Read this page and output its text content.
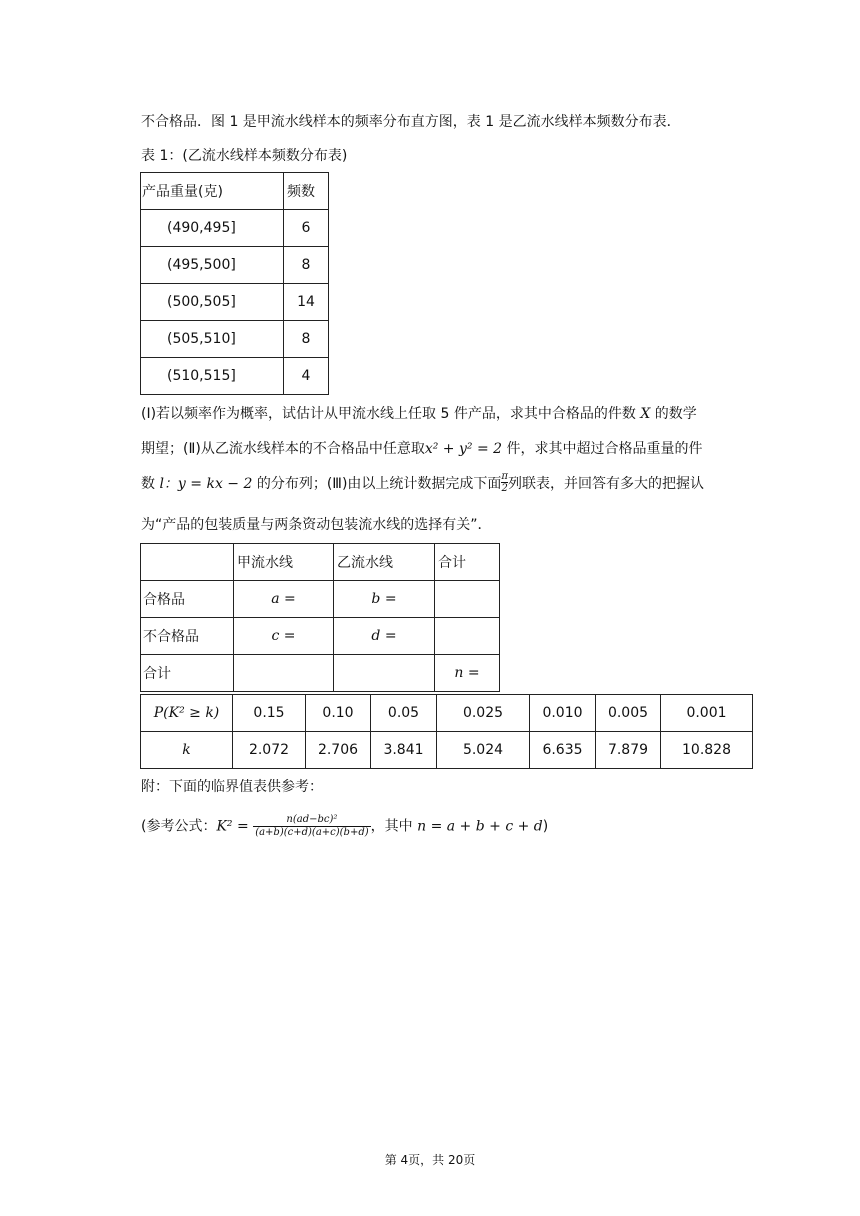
不合格品．图 1 是甲流水线样本的频率分布直方图，表 1 是乙流水线样本频数分布表．
表 1：(乙流水线样本频数分布表)
产品重量(克)	频数
(490,495]	6
(495,500]	8
(500,505]	14
(505,510]	8
(510,515]	4
(Ⅰ)若以频率作为概率，试估计从甲流水线上任取 5 件产品，求其中合格品的件数 X 的数学
期望；(Ⅱ)从乙流水线样本的不合格品中任意取x² + y² = 2 件，求其中超过合格品重量的件
数 l：y = kx − 2 的分布列；(Ⅲ)由以上统计数据完成下面 $\frac{\pi}{2}$ 列联表，并回答有多大的把握认
为“产品的包装质量与两条资动包装流水线的选择有关”．
	甲流水线	乙流水线	合计
合格品	a =	b =	
不合格品	c =	d =	
合计			n =
P(K² ≥ k)	0.15	0.10	0.05	0.025	0.010	0.005	0.001
k	2.072	2.706	3.841	5.024	6.635	7.879	10.828
附：下面的临界值表供参考：
(参考公式：$K^2 = \frac{\text{n(ad−bc)²}}{(a+b)(c+d)(a+c)(b+d)}$ ，其中 n = a + b + c + d)
第 4页，共 20页
